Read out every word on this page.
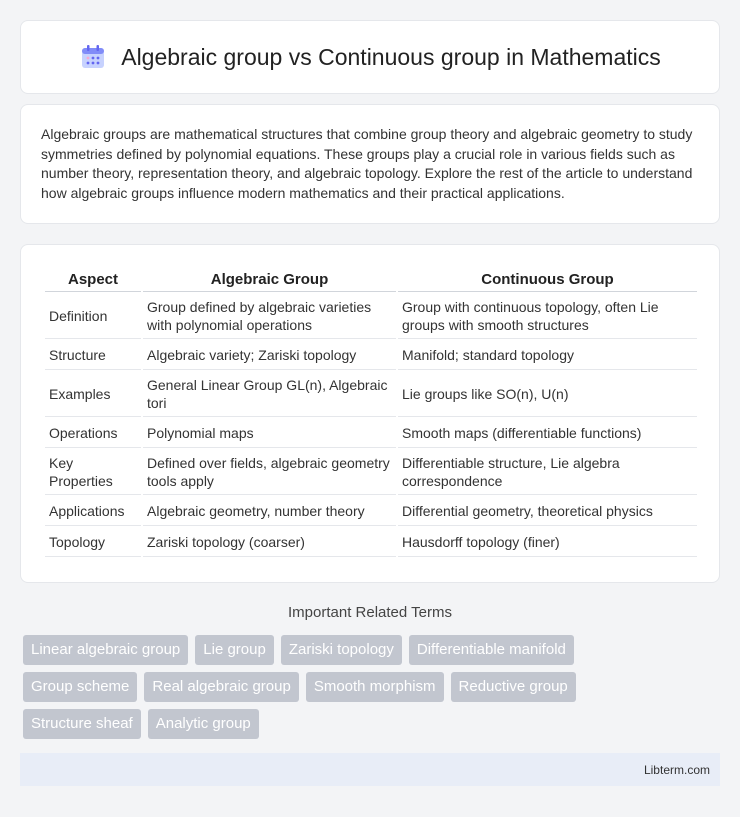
Algebraic group vs Continuous group in Mathematics

Algebraic groups are mathematical structures that combine group theory and algebraic geometry to study symmetries defined by polynomial equations. These groups play a crucial role in various fields such as number theory, representation theory, and algebraic topology. Explore the rest of the article to understand how algebraic groups influence modern mathematics and their practical applications.

Aspect	Algebraic Group	Continuous Group
Definition	Group defined by algebraic varieties with polynomial operations	Group with continuous topology, often Lie groups with smooth structures
Structure	Algebraic variety; Zariski topology	Manifold; standard topology
Examples	General Linear Group GL(n), Algebraic tori	Lie groups like SO(n), U(n)
Operations	Polynomial maps	Smooth maps (differentiable functions)
Key Properties	Defined over fields, algebraic geometry tools apply	Differentiable structure, Lie algebra correspondence
Applications	Algebraic geometry, number theory	Differential geometry, theoretical physics
Topology	Zariski topology (coarser)	Hausdorff topology (finer)
Important Related Terms
Linear algebraic group	Lie group	Zariski topology	Differentiable manifold
Group scheme	Real algebraic group	Smooth morphism	Reductive group
Structure sheaf	Analytic group
Libterm.com
